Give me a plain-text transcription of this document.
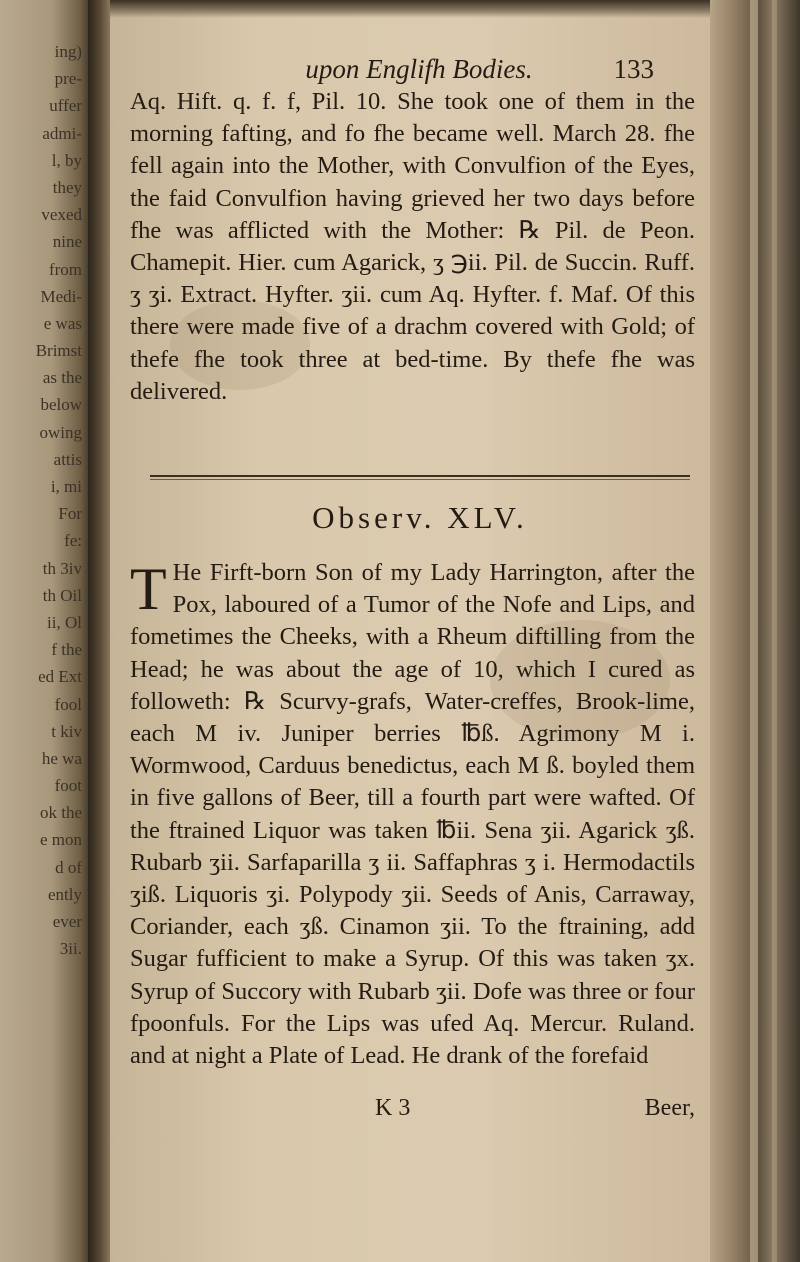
ing)
pre-
uffer
admi-
l, by
they
vexed
nine
from
Medi-
e was
Brimst
as the
below
owing
attis
i, mi
For
fe:
th 3iv
th Oil
ii, Ol
f the
ed Ext
fool
t kiv
he wa
foot
ok the
e mon
d of
ently
ever
3ii.
upon Englifh Bodies.	133

Aq. Hift. q. f. f, Pil. 10. She took one of them in the morning fafting, and fo fhe became well. March 28. fhe fell again into the Mother, with Convulfion of the Eyes, the faid Convulfion having grieved her two days before fhe was afflicted with the Mother: ℞ Pil. de Peon. Chamepit. Hier. cum Agarick, ʒ ℈ii. Pil. de Succin. Ruff. ʒ ʒi. Extract. Hyfter. ʒii. cum Aq. Hyfter. f. Maf. Of this there were made five of a drachm covered with Gold; of thefe fhe took three at bed-time. By thefe fhe was delivered.

Observ. XLV.

T He Firft-born Son of my Lady Harrington, after the Pox, laboured of a Tumor of the Nofe and Lips, and fometimes the Cheeks, with a Rheum diftilling from the Head; he was about the age of 10, which I cured as followeth: ℞ Scurvy-grafs, Water-creffes, Brook-lime, each M iv. Juniper berries ℔ß. Agrimony M i. Wormwood, Carduus benedictus, each M ß. boyled them in five gallons of Beer, till a fourth part were wafted. Of the ftrained Liquor was taken ℔ii. Sena ʒii. Agarick ʒß. Rubarb ʒii. Sarfaparilla ʒ ii. Saffaphras ʒ i. Hermodactils ʒiß. Liquoris ʒi. Polypody ʒii. Seeds of Anis, Carraway, Coriander, each ʒß. Cinamon ʒii. To the ftraining, add Sugar fufficient to make a Syrup. Of this was taken ʒx. Syrup of Succory with Rubarb ʒii. Dofe was three or four fpoonfuls. For the Lips was ufed Aq. Mercur. Ruland. and at night a Plate of Lead. He drank of the forefaid

K 3	Beer,
